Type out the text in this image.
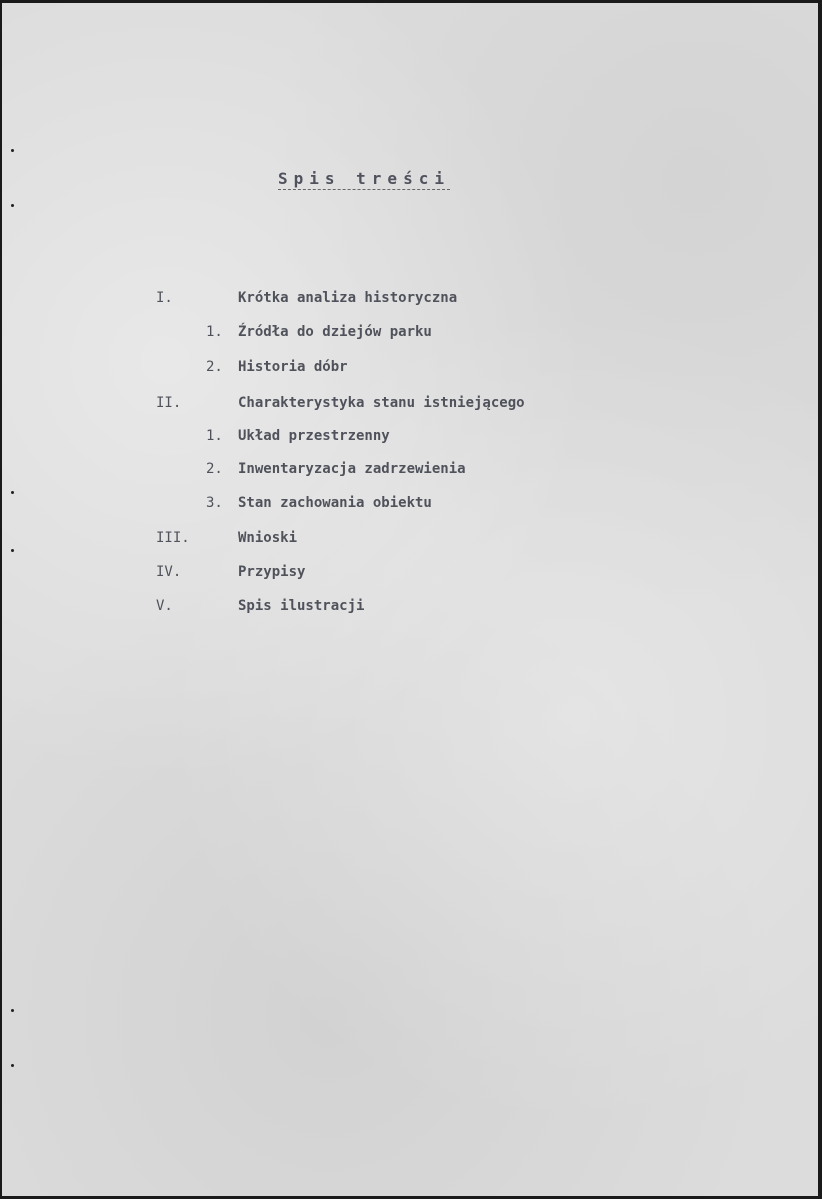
Spis treści
I.	Krótka analiza historyczna
1. Źródła do dziejów parku
2. Historia dóbr
II.	Charakterystyka stanu istniejącego
1. Układ przestrzenny
2. Inwentaryzacja zadrzewienia
3. Stan zachowania obiektu
III.	Wnioski
IV.	Przypisy
V.	Spis ilustracji
